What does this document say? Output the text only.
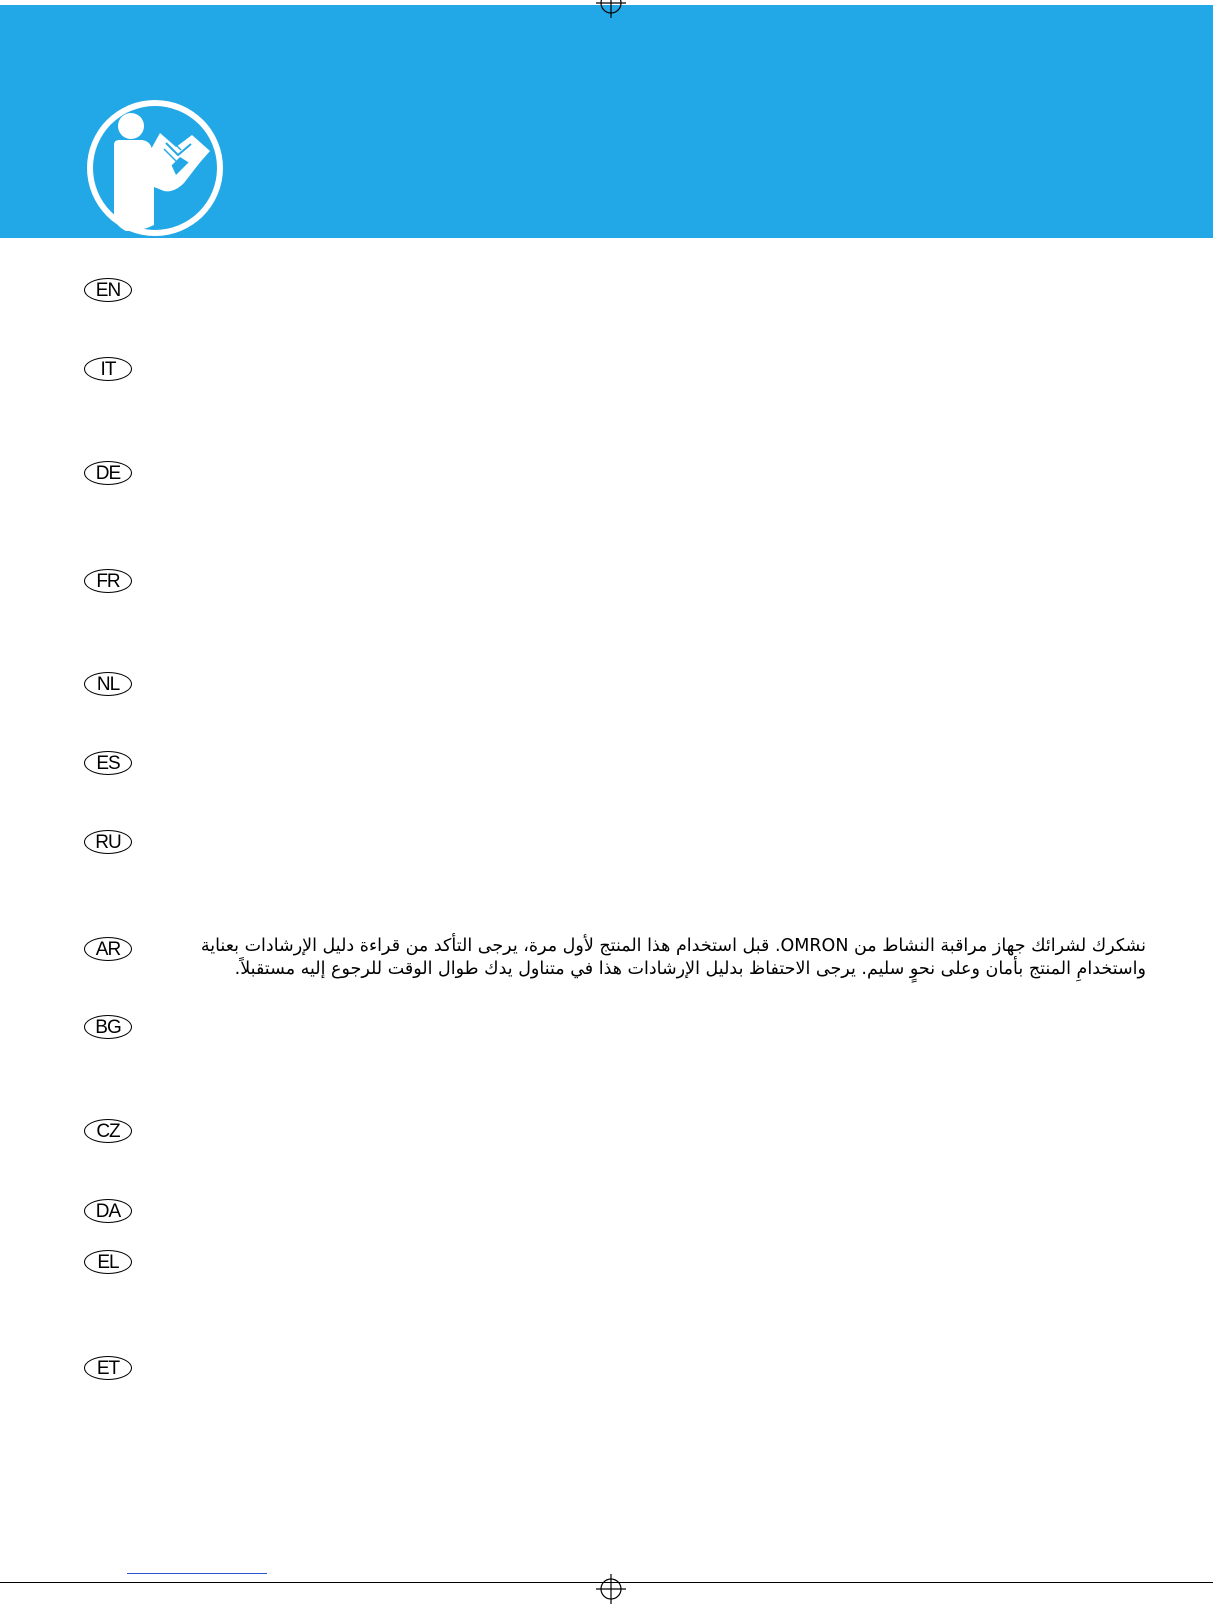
EN
IT
DE
FR
NL
ES
RU
AR
BG
CZ
DA
EL
ET
نشكرك لشرائك جهاز مراقبة النشاط من OMRON. قبل استخدام هذا المنتج لأول مرة، يرجى التأكد من قراءة دليل الإرشادات بعناية واستخدامِ المنتج بأمان وعلى نحوٍ سليم. يرجى الاحتفاظ بدليل الإرشادات هذا في متناول يدك طوال الوقت للرجوع إليه مستقبلاً.
